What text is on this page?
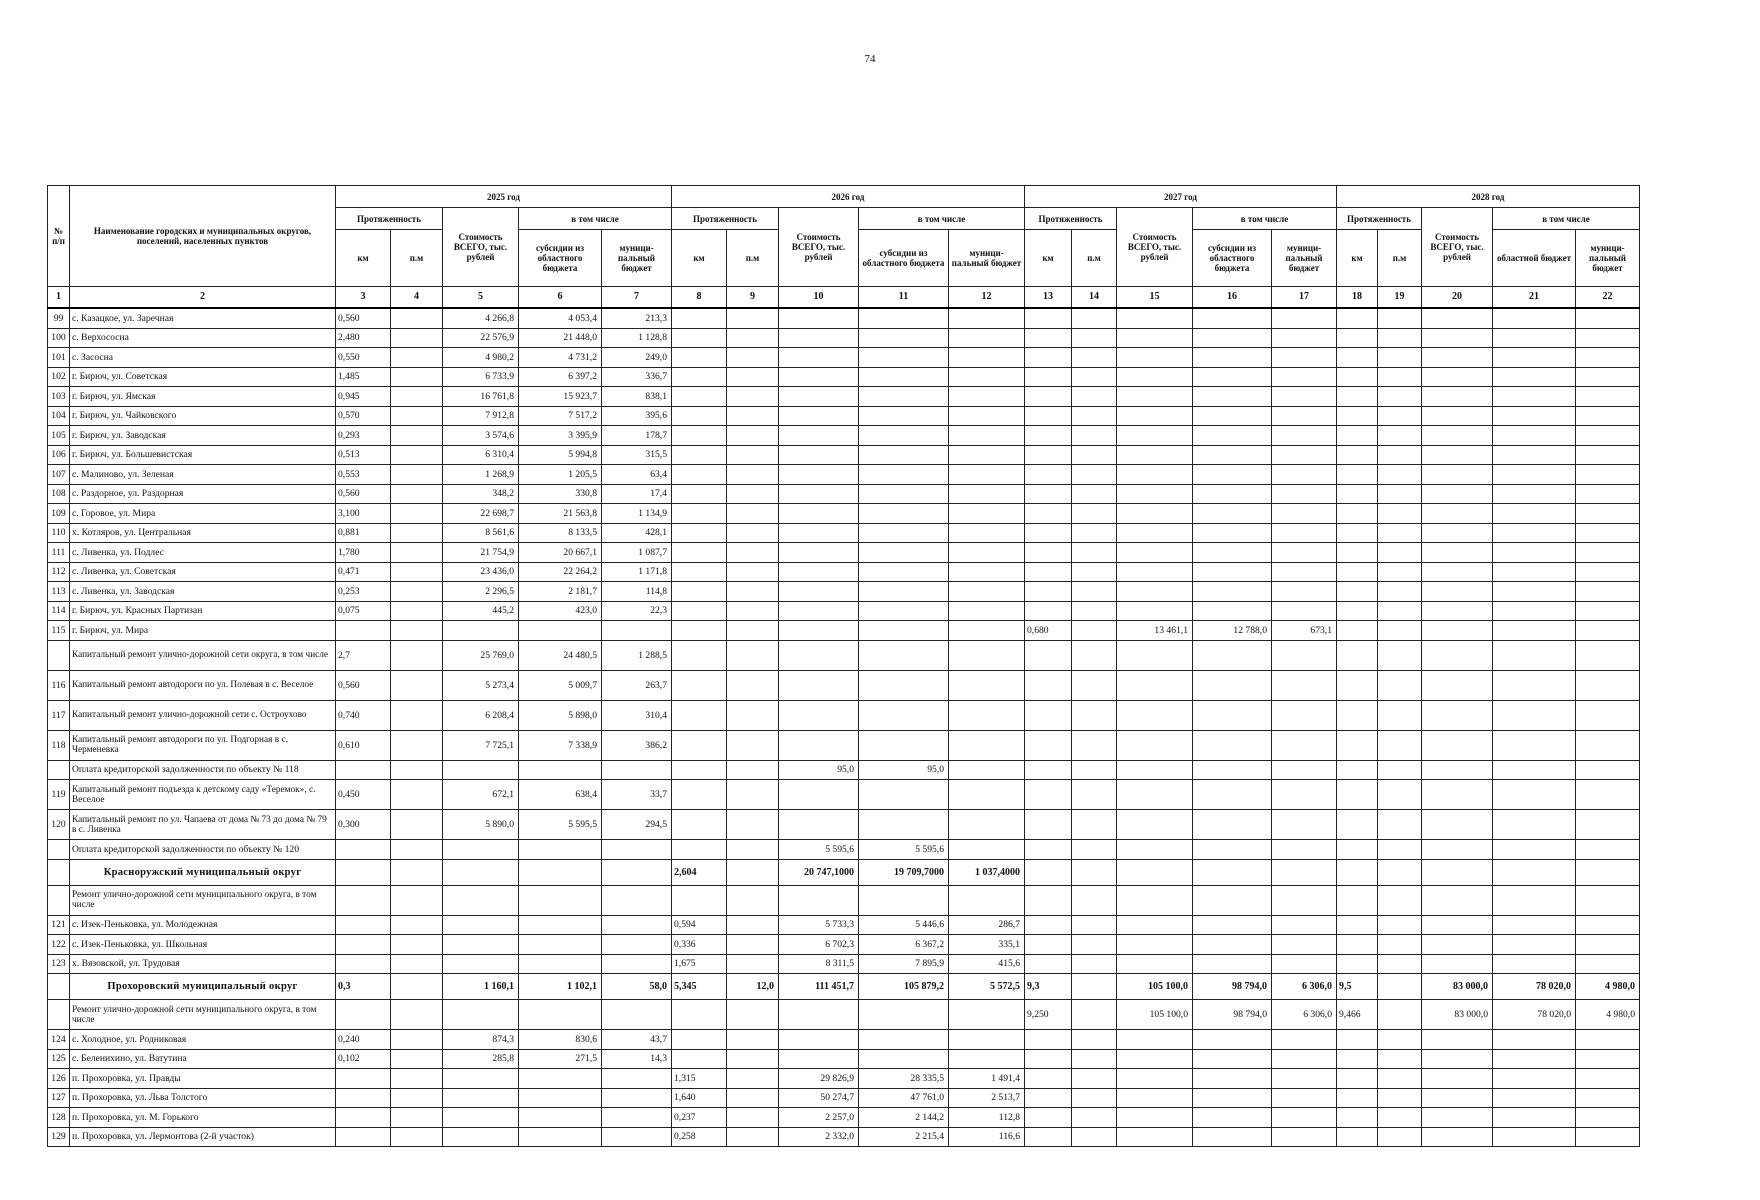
74
№ п/п	Наименование городских и муниципальных округов, поселений, населенных пунктов	2025 год					2026 год					2027 год					2028 год				
		Протяженность		Стоимость ВСЕГО, тыс. рублей	в том числе		Протяженность		Стоимость ВСЕГО, тыс. рублей	в том числе		Протяженность		Стоимость ВСЕГО, тыс. рублей	в том числе		Протяженность		Стоимость ВСЕГО, тыс. рублей	в том числе	
		км	п.м		субсидии из областного бюджета	муници-пальный бюджет	км	п.м		субсидии из областного бюджета	муници-пальный бюджет	км	п.м		субсидии из областного бюджета	муници-пальный бюджет	км	п.м		областной бюджет	муници-пальный бюджет
1	2	3	4	5	6	7	8	9	10	11	12	13	14	15	16	17	18	19	20	21	22
99	с. Казацкое, ул. Заречная	0,560		4 266,8	4 053,4	213,3															
100	с. Верхососна	2,480		22 576,9	21 448,0	1 128,8															
101	с. Засосна	0,550		4 980,2	4 731,2	249,0															
102	г. Бирюч, ул. Советская	1,485		6 733,9	6 397,2	336,7															
103	г. Бирюч, ул. Ямская	0,945		16 761,8	15 923,7	838,1															
104	г. Бирюч, ул. Чайковского	0,570		7 912,8	7 517,2	395,6															
105	г. Бирюч, ул. Заводская	0,293		3 574,6	3 395,9	178,7															
106	г. Бирюч, ул. Большевистская	0,513		6 310,4	5 994,8	315,5															
107	с. Малиново, ул. Зеленая	0,553		1 268,9	1 205,5	63,4															
108	с. Раздорное, ул. Раздорная	0,560		348,2	330,8	17,4															
109	с. Горовое, ул. Мира	3,100		22 698,7	21 563,8	1 134,9															
110	х. Котляров, ул. Центральная	0,881		8 561,6	8 133,5	428,1															
111	с. Ливенка, ул. Подлес	1,780		21 754,9	20 667,1	1 087,7															
112	с. Ливенка, ул. Советская	0,471		23 436,0	22 264,2	1 171,8															
113	с. Ливенка, ул. Заводская	0,253		2 296,5	2 181,7	114,8															
114	г. Бирюч, ул. Красных Партизан	0,075		445,2	423,0	22,3															
115	г. Бирюч, ул. Мира											0,680		13 461,1	12 788,0	673,1					
	Капитальный ремонт улично-дорожной сети округа, в том числе	2,7		25 769,0	24 480,5	1 288,5															
116	Капитальный ремонт автодороги по ул. Полевая в с. Веселое	0,560		5 273,4	5 009,7	263,7															
117	Капитальный ремонт улично-дорожной сети с. Остроухово	0,740		6 208,4	5 898,0	310,4															
118	Капитальный ремонт автодороги по ул. Подгорная в с. Черменевка	0,610		7 725,1	7 338,9	386,2															
	Оплата кредиторской задолженности по объекту № 118								95,0	95,0											
119	Капитальный ремонт подъезда к детскому саду «Теремок», с. Веселое	0,450		672,1	638,4	33,7															
120	Капитальный ремонт по ул. Чапаева от дома № 73 до дома № 79 в с. Ливенка	0,300		5 890,0	5 595,5	294,5															
	Оплата кредиторской задолженности по объекту № 120								5 595,6	5 595,6											
	Красноружский муниципальный округ						2,604		20 747,1000	19 709,7000	1 037,4000										
	Ремонт улично-дорожной сети муниципального округа, в том числе																				
121	с. Изек-Пеньковка, ул. Молодежная						0,594		5 733,3	5 446,6	286,7										
122	с. Изек-Пеньковка, ул. Школьная						0,336		6 702,3	6 367,2	335,1										
123	х. Вязовской, ул. Трудовая						1,675		8 311,5	7 895,9	415,6										
	Прохоровский муниципальный округ	0,3		1 160,1	1 102,1	58,0	5,345	12,0	111 451,7	105 879,2	5 572,5	9,3		105 100,0	98 794,0	6 306,0	9,5		83 000,0	78 020,0	4 980,0
	Ремонт улично-дорожной сети муниципального округа, в том числе											9,250		105 100,0	98 794,0	6 306,0	9,466		83 000,0	78 020,0	4 980,0
124	с. Холодное, ул. Родниковая	0,240		874,3	830,6	43,7															
125	с. Беленихино, ул. Ватутина	0,102		285,8	271,5	14,3															
126	п. Прохоровка, ул. Правды						1,315		29 826,9	28 335,5	1 491,4										
127	п. Прохоровка, ул. Льва Толстого						1,640		50 274,7	47 761,0	2 513,7										
128	п. Прохоровка, ул. М. Горького						0,237		2 257,0	2 144,2	112,8										
129	п. Прохоровка, ул. Лермонтова (2-й участок)						0,258		2 332,0	2 215,4	116,6										
